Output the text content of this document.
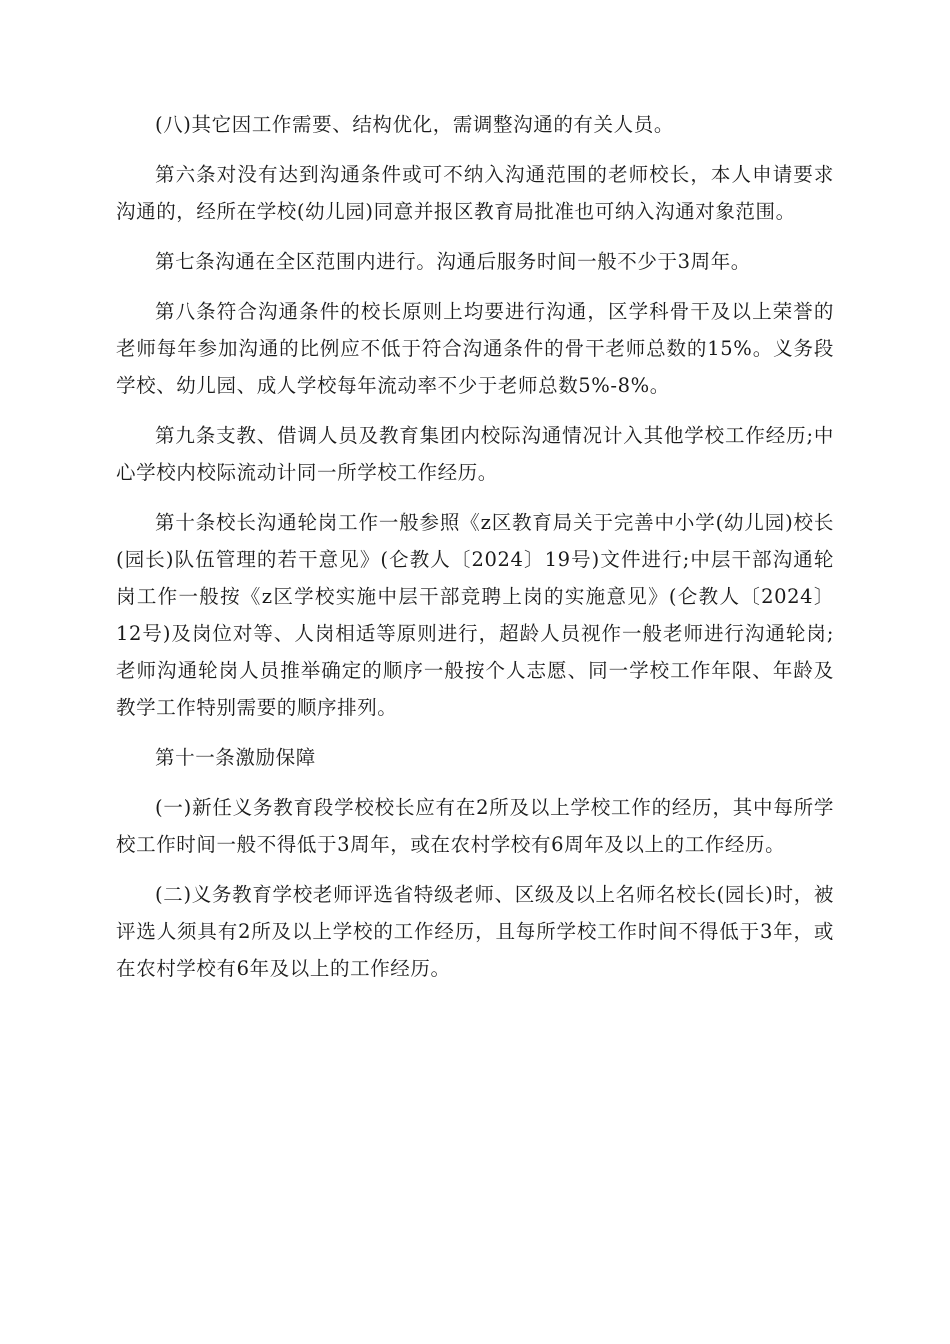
(八)其它因工作需要、结构优化，需调整沟通的有关人员。

第六条对没有达到沟通条件或可不纳入沟通范围的老师校长，本人申请要求沟通的，经所在学校(幼儿园)同意并报区教育局批准也可纳入沟通对象范围。

第七条沟通在全区范围内进行。沟通后服务时间一般不少于3周年。

第八条符合沟通条件的校长原则上均要进行沟通，区学科骨干及以上荣誉的老师每年参加沟通的比例应不低于符合沟通条件的骨干老师总数的15%。义务段学校、幼儿园、成人学校每年流动率不少于老师总数5%-8%。

第九条支教、借调人员及教育集团内校际沟通情况计入其他学校工作经历;中心学校内校际流动计同一所学校工作经历。

第十条校长沟通轮岗工作一般参照《z区教育局关于完善中小学(幼儿园)校长(园长)队伍管理的若干意见》(仑教人〔2024〕19号)文件进行;中层干部沟通轮岗工作一般按《z区学校实施中层干部竞聘上岗的实施意见》(仑教人〔2024〕12号)及岗位对等、人岗相适等原则进行，超龄人员视作一般老师进行沟通轮岗;老师沟通轮岗人员推举确定的顺序一般按个人志愿、同一学校工作年限、年龄及教学工作特别需要的顺序排列。

第十一条激励保障

(一)新任义务教育段学校校长应有在2所及以上学校工作的经历，其中每所学校工作时间一般不得低于3周年，或在农村学校有6周年及以上的工作经历。

(二)义务教育学校老师评选省特级老师、区级及以上名师名校长(园长)时，被评选人须具有2所及以上学校的工作经历，且每所学校工作时间不得低于3年，或在农村学校有6年及以上的工作经历。
